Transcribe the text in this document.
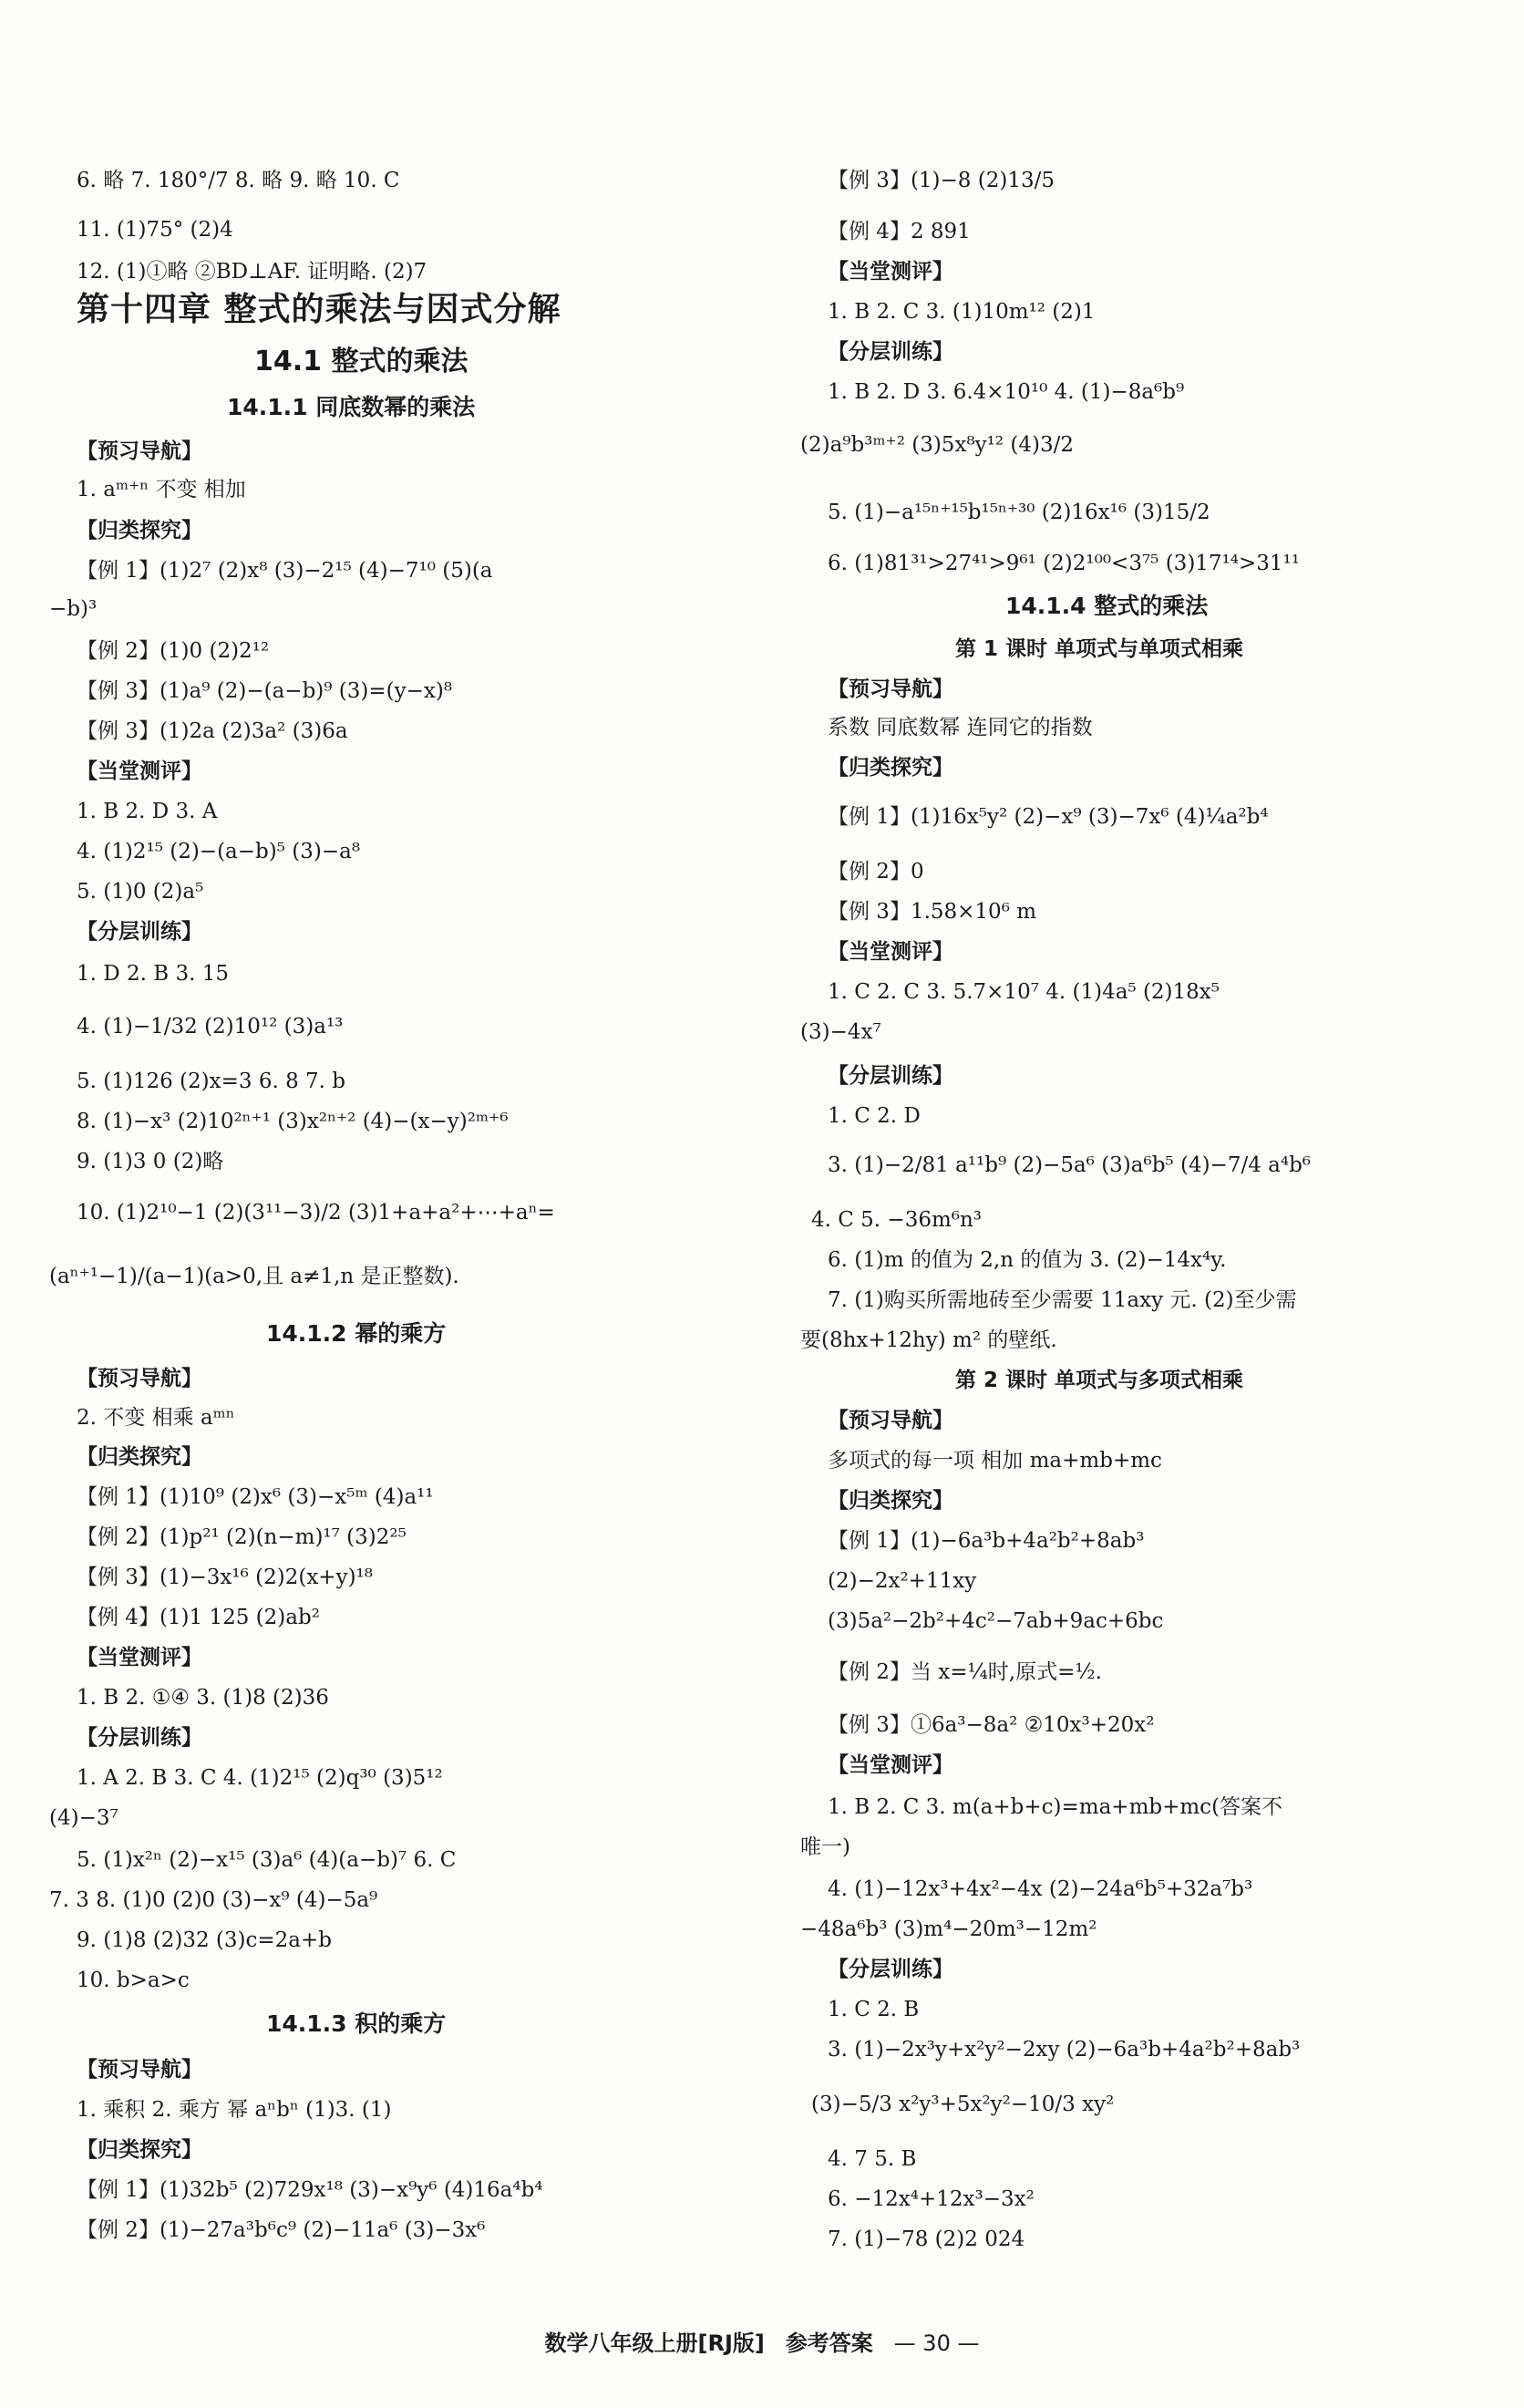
6. 略 7. 180°/7 8. 略 9. 略 10. C
11. (1)75° (2)4
12. (1)①略 ②BD⊥AF. 证明略. (2)7
第十四章 整式的乘法与因式分解
14.1 整式的乘法
14.1.1 同底数幂的乘法
【预习导航】
1. aᵐ⁺ⁿ 不变 相加
【归类探究】
【例 1】(1)2⁷ (2)x⁸ (3)−2¹⁵ (4)−7¹⁰ (5)(a
−b)³
【例 2】(1)0 (2)2¹²
【例 3】(1)a⁹ (2)−(a−b)⁹ (3)=(y−x)⁸
【例 3】(1)2a (2)3a² (3)6a
【当堂测评】
1. B 2. D 3. A
4. (1)2¹⁵ (2)−(a−b)⁵ (3)−a⁸
5. (1)0 (2)a⁵
【分层训练】
1. D 2. B 3. 15
4. (1)−1/32 (2)10¹² (3)a¹³
5. (1)126 (2)x=3 6. 8 7. b
8. (1)−x³ (2)10²ⁿ⁺¹ (3)x²ⁿ⁺² (4)−(x−y)²ᵐ⁺⁶
9. (1)3 0 (2)略
10. (1)2¹⁰−1 (2)(3¹¹−3)/2 (3)1+a+a²+⋯+aⁿ=
(aⁿ⁺¹−1)/(a−1)(a>0,且 a≠1,n 是正整数).
14.1.2 幂的乘方
【预习导航】
2. 不变 相乘 aᵐⁿ
【归类探究】
【例 1】(1)10⁹ (2)x⁶ (3)−x⁵ᵐ (4)a¹¹
【例 2】(1)p²¹ (2)(n−m)¹⁷ (3)2²⁵
【例 3】(1)−3x¹⁶ (2)2(x+y)¹⁸
【例 4】(1)1 125 (2)ab²
【当堂测评】
1. B 2. ①④ 3. (1)8 (2)36
【分层训练】
1. A 2. B 3. C 4. (1)2¹⁵ (2)q³⁰ (3)5¹²
(4)−3⁷
5. (1)x²ⁿ (2)−x¹⁵ (3)a⁶ (4)(a−b)⁷ 6. C
7. 3 8. (1)0 (2)0 (3)−x⁹ (4)−5a⁹
9. (1)8 (2)32 (3)c=2a+b
10. b>a>c
14.1.3 积的乘方
【预习导航】
1. 乘积 2. 乘方 幂 aⁿbⁿ (1)3. (1)
【归类探究】
【例 1】(1)32b⁵ (2)729x¹⁸ (3)−x⁹y⁶ (4)16a⁴b⁴
【例 2】(1)−27a³b⁶c⁹ (2)−11a⁶ (3)−3x⁶
【例 3】(1)−8 (2)13/5
【例 4】2 891
【当堂测评】
1. B 2. C 3. (1)10m¹² (2)1
【分层训练】
1. B 2. D 3. 6.4×10¹⁰ 4. (1)−8a⁶b⁹
(2)a⁹b³ᵐ⁺² (3)5x⁸y¹² (4)3/2
5. (1)−a¹⁵ⁿ⁺¹⁵b¹⁵ⁿ⁺³⁰ (2)16x¹⁶ (3)15/2
6. (1)81³¹>27⁴¹>9⁶¹ (2)2¹⁰⁰<3⁷⁵ (3)17¹⁴>31¹¹
14.1.4 整式的乘法
第 1 课时 单项式与单项式相乘
【预习导航】
系数 同底数幂 连同它的指数
【归类探究】
【例 1】(1)16x⁵y² (2)−x⁹ (3)−7x⁶ (4)¼a²b⁴
【例 2】0
【例 3】1.58×10⁶ m
【当堂测评】
1. C 2. C 3. 5.7×10⁷ 4. (1)4a⁵ (2)18x⁵
(3)−4x⁷
【分层训练】
1. C 2. D
3. (1)−2/81 a¹¹b⁹ (2)−5a⁶ (3)a⁶b⁵ (4)−7/4 a⁴b⁶
4. C 5. −36m⁶n³
6. (1)m 的值为 2,n 的值为 3. (2)−14x⁴y.
7. (1)购买所需地砖至少需要 11axy 元. (2)至少需
要(8hx+12hy) m² 的壁纸.
第 2 课时 单项式与多项式相乘
【预习导航】
多项式的每一项 相加 ma+mb+mc
【归类探究】
【例 1】(1)−6a³b+4a²b²+8ab³
(2)−2x²+11xy
(3)5a²−2b²+4c²−7ab+9ac+6bc
【例 2】当 x=¼时,原式=½.
【例 3】①6a³−8a² ②10x³+20x²
【当堂测评】
1. B 2. C 3. m(a+b+c)=ma+mb+mc(答案不
唯一)
4. (1)−12x³+4x²−4x (2)−24a⁶b⁵+32a⁷b³
−48a⁶b³ (3)m⁴−20m³−12m²
【分层训练】
1. C 2. B
3. (1)−2x³y+x²y²−2xy (2)−6a³b+4a²b²+8ab³
(3)−5/3 x²y³+5x²y²−10/3 xy²
4. 7 5. B
6. −12x⁴+12x³−3x²
7. (1)−78 (2)2 024
数学八年级上册[RJ版] 参考答案 — 30 —
